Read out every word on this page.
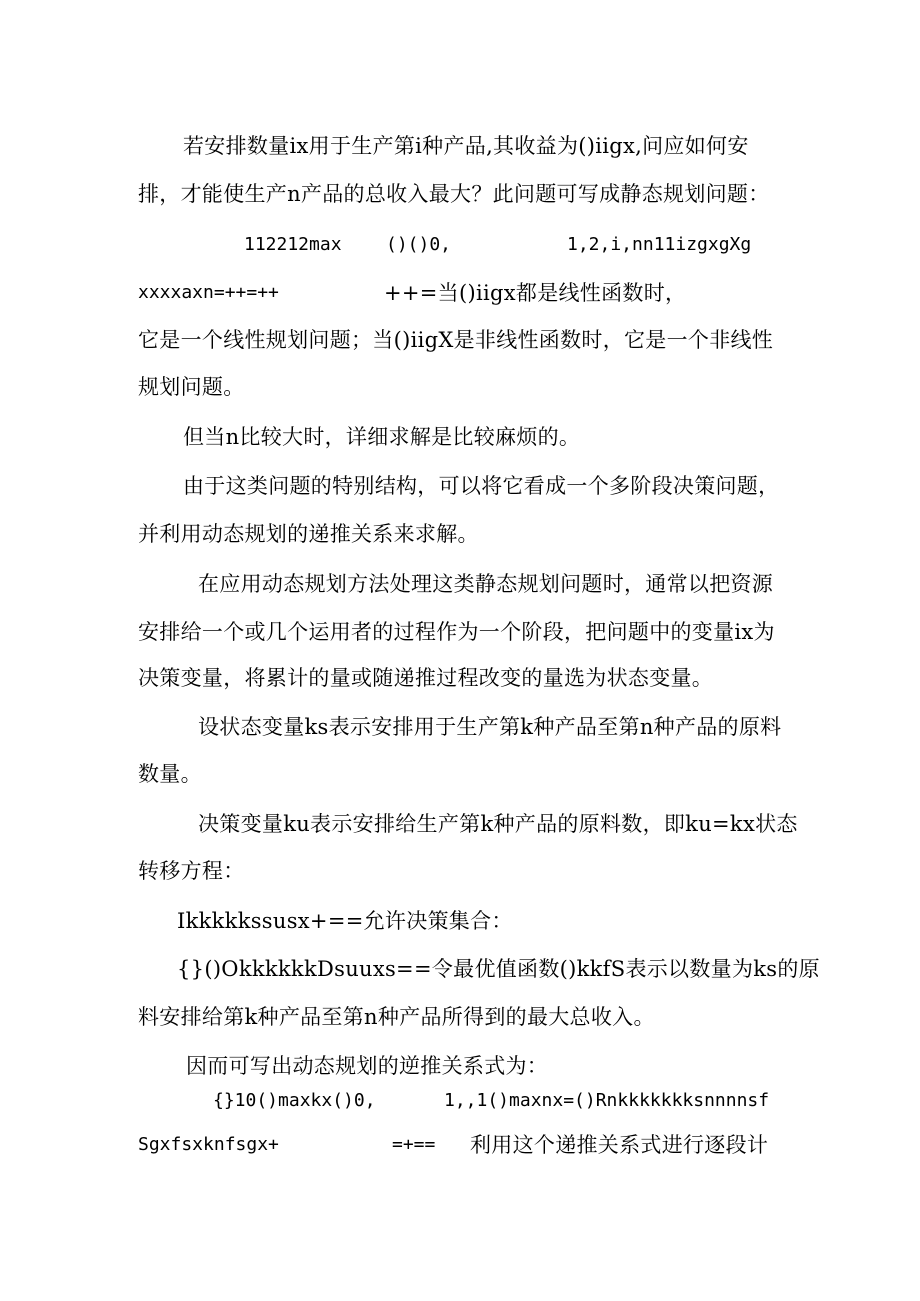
若安排数量ix用于生产第i种产品,其收益为()iigx,问应如何安
排，才能使生产n产品的总收入最大？此问题可写成静态规划问题：
112212max ()()0,	1,2,i,nn11izgxgXg
xxxxaxn=++=++	++=当()iigx都是线性函数时，
它是一个线性规划问题；当()iigX是非线性函数时，它是一个非线性
规划问题。
但当n比较大时，详细求解是比较麻烦的。
由于这类问题的特别结构，可以将它看成一个多阶段决策问题，
并利用动态规划的递推关系来求解。
在应用动态规划方法处理这类静态规划问题时，通常以把资源
安排给一个或几个运用者的过程作为一个阶段，把问题中的变量ix为
决策变量，将累计的量或随递推过程改变的量选为状态变量。
设状态变量ks表示安排用于生产第k种产品至第n种产品的原料
数量。
决策变量ku表示安排给生产第k种产品的原料数，即ku=kx状态
转移方程：
Ikkkkkssusx+==允许决策集合：
{}()OkkkkkkDsuuxs==令最优值函数()kkfS表示以数量为ks的原
料安排给第k种产品至第n种产品所得到的最大总收入。
因而可写出动态规划的逆推关系式为：
{}10()maxkx()0,	1,,1()maxnx=()Rnkkkkkkksnnnnsf
Sgxfsxknfsgx+	=+== 利用这个递推关系式进行逐段计
